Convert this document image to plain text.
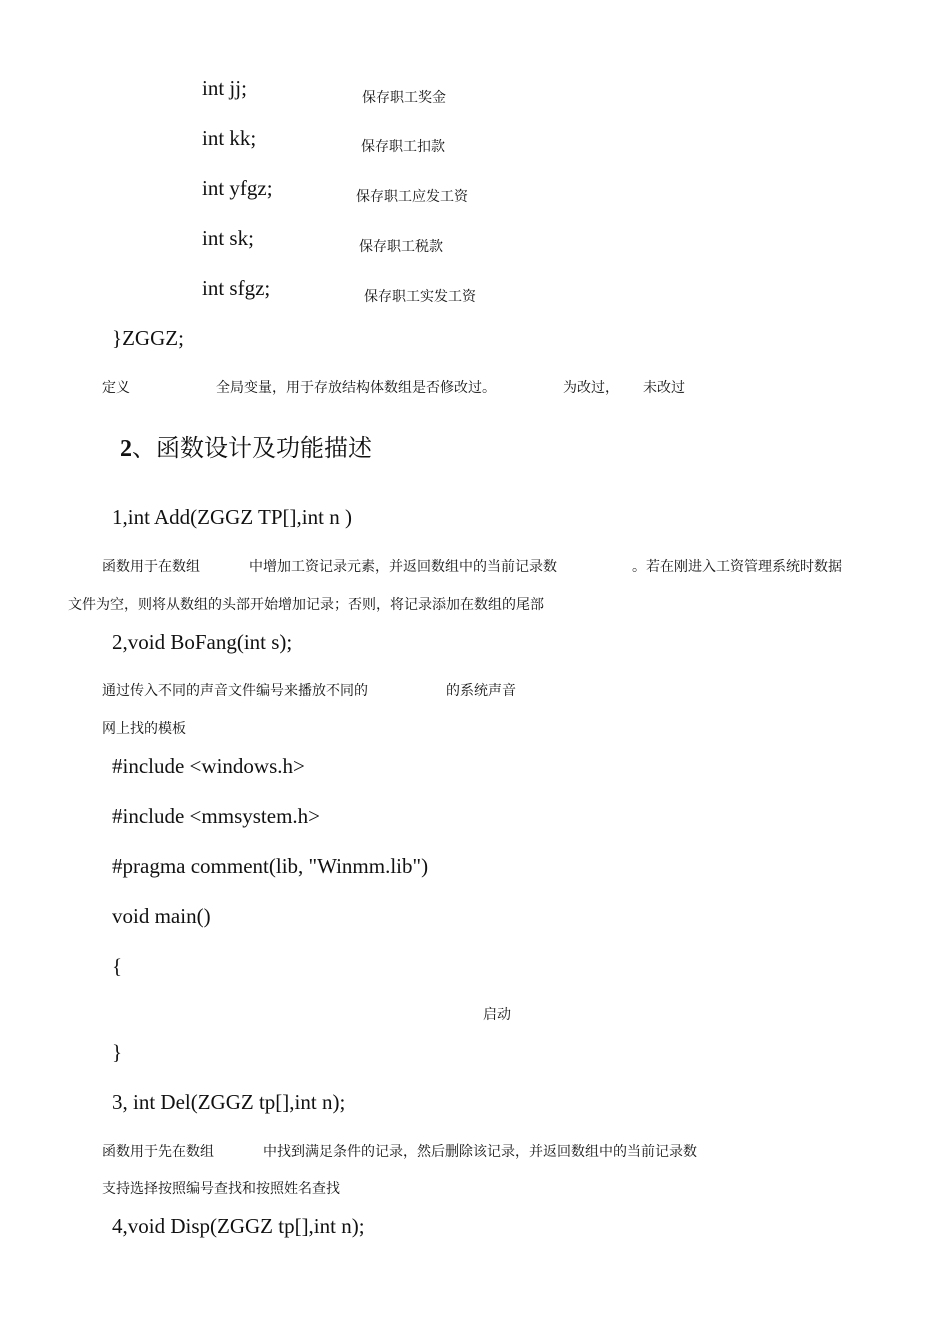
int jj;	保存职工奖金
int kk;	保存职工扣款
int yfgz;	保存职工应发工资
int sk;	保存职工税款
int sfgz;	保存职工实发工资
}ZGGZ;
定义	全局变量，用于存放结构体数组是否修改过。	为改过， 未改过
2、函数设计及功能描述
1,int Add(ZGGZ TP[],int n )
函数用于在数组	中增加工资记录元素，并返回数组中的当前记录数	。若在刚进入工资管理系统时数据
文件为空，则将从数组的头部开始增加记录；否则，将记录添加在数组的尾部
2,void BoFang(int s);
通过传入不同的声音文件编号来播放不同的	的系统声音
网上找的模板
#include <windows.h>
#include <mmsystem.h>
#pragma comment(lib, "Winmm.lib")
void main()
{
启动
}
3, int Del(ZGGZ tp[],int n);
函数用于先在数组	中找到满足条件的记录，然后删除该记录，并返回数组中的当前记录数
支持选择按照编号查找和按照姓名查找
4,void Disp(ZGGZ tp[],int n);
